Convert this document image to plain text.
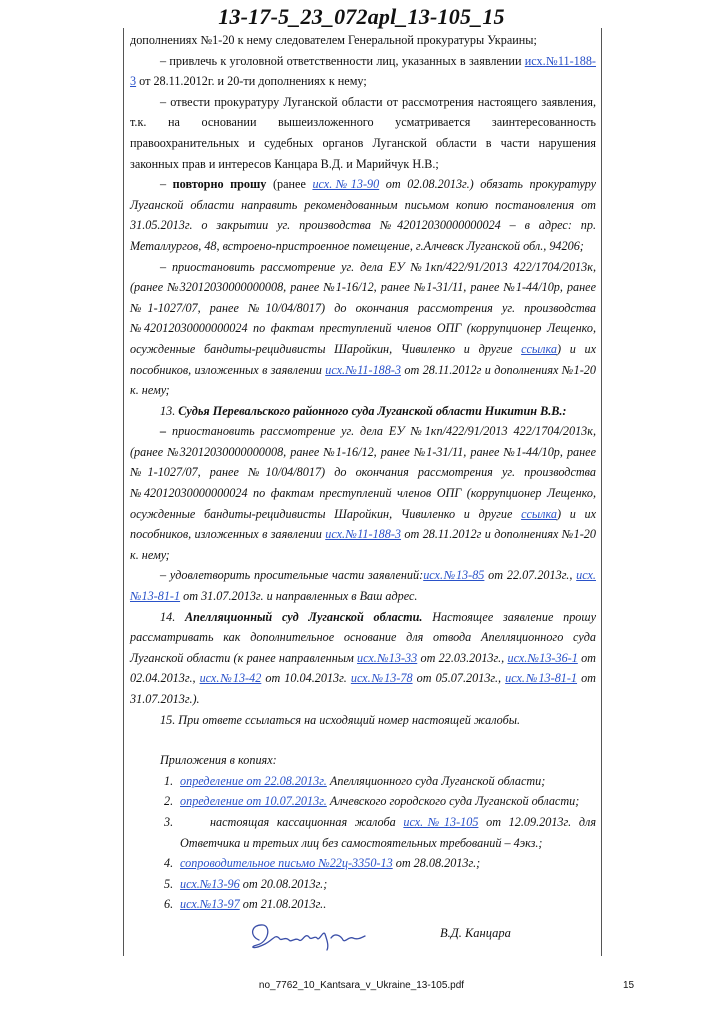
13-17-5_23_072apl_13-105_15

дополнениях №1-20 к нему следователем Генеральной прокуратуры Украины;

– привлечь к уголовной ответственности лиц, указанных в заявлении исх.№11-188-3 от 28.11.2012г. и 20-ти дополнениях к нему;

– отвести прокуратуру Луганской области от рассмотрения настоящего заявления, т.к. на основании вышеизложенного усматривается заинтересованность правоохранительных и судебных органов Луганской области в части нарушения законных прав и интересов Канцара В.Д. и Марийчук Н.В.;

– повторно прошу (ранее исх.№13-90 от 02.08.2013г.) обязать прокуратуру Луганской области направить рекомендованным письмом копию постановления от 31.05.2013г. о закрытии уг. производства №42012030000000024 – в адрес: пр. Металлургов, 48, встроено-пристроенное помещение, г.Алчевск Луганской обл., 94206;

– приостановить рассмотрение уг. дела ЕУ №1кп/422/91/2013 422/1704/2013к, (ранее №32012030000000008, ранее №1-16/12, ранее №1-31/11, ранее №1-44/10р, ранее №1-1027/07, ранее №10/04/8017) до окончания рассмотрения уг. производства №42012030000000024 по фактам преступлений членов ОПГ (коррупционер Лещенко, осужденные бандиты-рецидивисты Шаройкин, Чивиленко и другие ссылка) и их пособников, изложенных в заявлении исх.№11-188-3 от 28.11.2012г и дополнениях №1-20 к. нему;

13. Судья Перевальского районного суда Луганской области Никитин В.В.:

– приостановить рассмотрение уг. дела ЕУ №1кп/422/91/2013 422/1704/2013к, (ранее №32012030000000008, ранее №1-16/12, ранее №1-31/11, ранее №1-44/10р, ранее №1-1027/07, ранее №10/04/8017) до окончания рассмотрения уг. производства №42012030000000024 по фактам преступлений членов ОПГ (коррупционер Лещенко, осужденные бандиты-рецидивисты Шаройкин, Чивиленко и другие ссылка) и их пособников, изложенных в заявлении исх.№11-188-3 от 28.11.2012г и дополнениях №1-20 к. нему;

– удовлетворить просительные части заявлений:исх.№13-85 от 22.07.2013г., исх.№13-81-1 от 31.07.2013г. и направленных в Ваш адрес.

14. Апелляционный суд Луганской области. Настоящее заявление прошу рассматривать как дополнительное основание для отвода Апелляционного суда Луганской области (к ранее направленным исх.№13-33 от 22.03.2013г., исх.№13-36-1 от 02.04.2013г., исх.№13-42 от 10.04.2013г. исх.№13-78 от 05.07.2013г., исх.№13-81-1 от 31.07.2013г.).

15. При ответе ссылаться на исходящий номер настоящей жалобы.

Приложения в копиях:

1. определение от 22.08.2013г. Апелляционного суда Луганской области;
2. определение от 10.07.2013г. Алчевского городского суда Луганской области;
3.	настоящая кассационная жалоба исх.№13-105 от 12.09.2013г. для Ответчика и третьих лиц без самостоятельных требований – 4экз.;
4. сопроводительное письмо №22ц-3350-13 от 28.08.2013г.;
5. исх.№13-96 от 20.08.2013г.;
6. исх.№13-97 от 21.08.2013г..
В.Д. Канцара
no_7762_10_Kantsara_v_Ukraine_13-105.pdf	15
